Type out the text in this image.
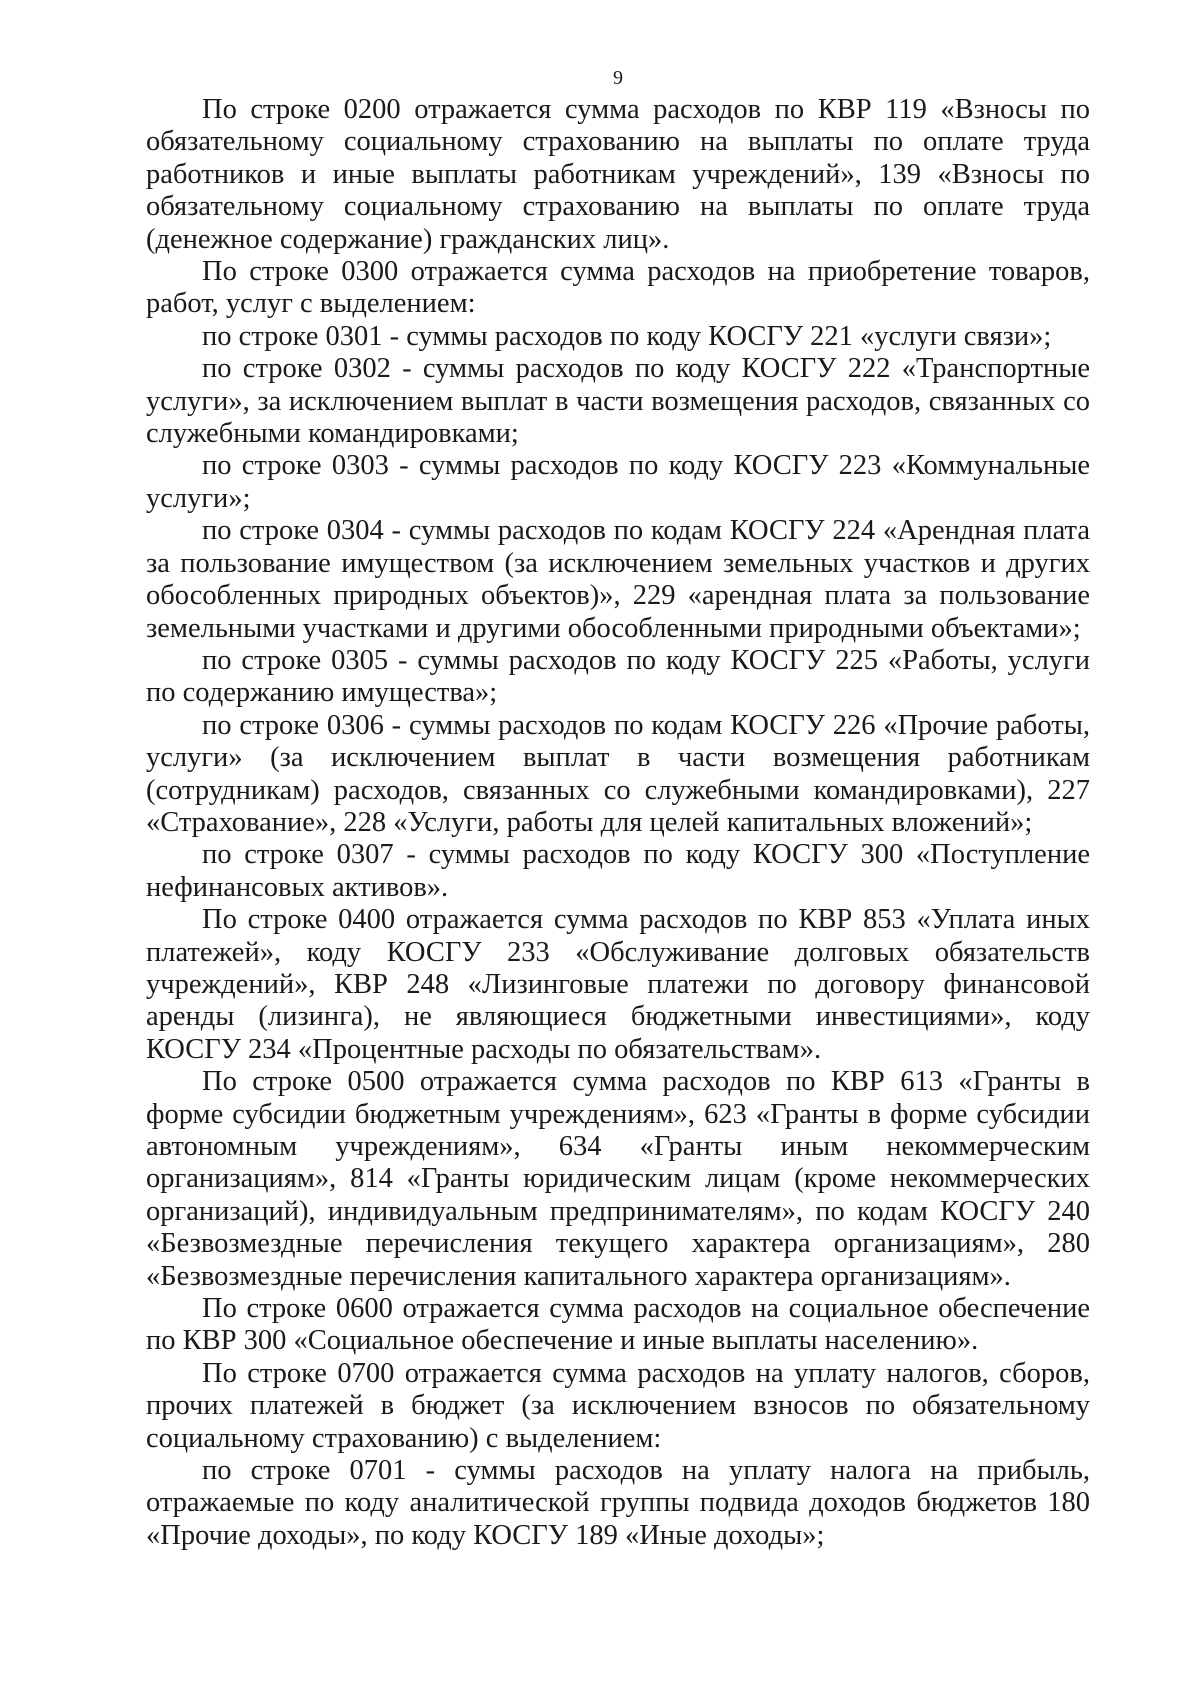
9

По строке 0200 отражается сумма расходов по КВР 119 «Взносы по обязательному социальному страхованию на выплаты по оплате труда работников и иные выплаты работникам учреждений», 139 «Взносы по обязательному социальному страхованию на выплаты по оплате труда (денежное содержание) гражданских лиц».

По строке 0300 отражается сумма расходов на приобретение товаров, работ, услуг с выделением:

по строке 0301 - суммы расходов по коду КОСГУ 221 «услуги связи»;

по строке 0302 - суммы расходов по коду КОСГУ 222 «Транспортные услуги», за исключением выплат в части возмещения расходов, связанных со служебными командировками;

по строке 0303 - суммы расходов по коду КОСГУ 223 «Коммунальные услуги»;

по строке 0304 - суммы расходов по кодам КОСГУ 224 «Арендная плата за пользование имуществом (за исключением земельных участков и других обособленных природных объектов)», 229 «арендная плата за пользование земельными участками и другими обособленными природными объектами»;

по строке 0305 - суммы расходов по коду КОСГУ 225 «Работы, услуги по содержанию имущества»;

по строке 0306 - суммы расходов по кодам КОСГУ 226 «Прочие работы, услуги» (за исключением выплат в части возмещения работникам (сотрудникам) расходов, связанных со служебными командировками), 227 «Страхование», 228 «Услуги, работы для целей капитальных вложений»;

по строке 0307 - суммы расходов по коду КОСГУ 300 «Поступление нефинансовых активов».

По строке 0400 отражается сумма расходов по КВР 853 «Уплата иных платежей», коду КОСГУ 233 «Обслуживание долговых обязательств учреждений», КВР 248 «Лизинговые платежи по договору финансовой аренды (лизинга), не являющиеся бюджетными инвестициями», коду КОСГУ 234 «Процентные расходы по обязательствам».

По строке 0500 отражается сумма расходов по КВР 613 «Гранты в форме субсидии бюджетным учреждениям», 623 «Гранты в форме субсидии автономным учреждениям», 634 «Гранты иным некоммерческим организациям», 814 «Гранты юридическим лицам (кроме некоммерческих организаций), индивидуальным предпринимателям», по кодам КОСГУ 240 «Безвозмездные перечисления текущего характера организациям», 280 «Безвозмездные перечисления капитального характера организациям».

По строке 0600 отражается сумма расходов на социальное обеспечение по КВР 300 «Социальное обеспечение и иные выплаты населению».

По строке 0700 отражается сумма расходов на уплату налогов, сборов, прочих платежей в бюджет (за исключением взносов по обязательному социальному страхованию) с выделением:

по строке 0701 - суммы расходов на уплату налога на прибыль, отражаемые по коду аналитической группы подвида доходов бюджетов 180 «Прочие доходы», по коду КОСГУ 189 «Иные доходы»;
